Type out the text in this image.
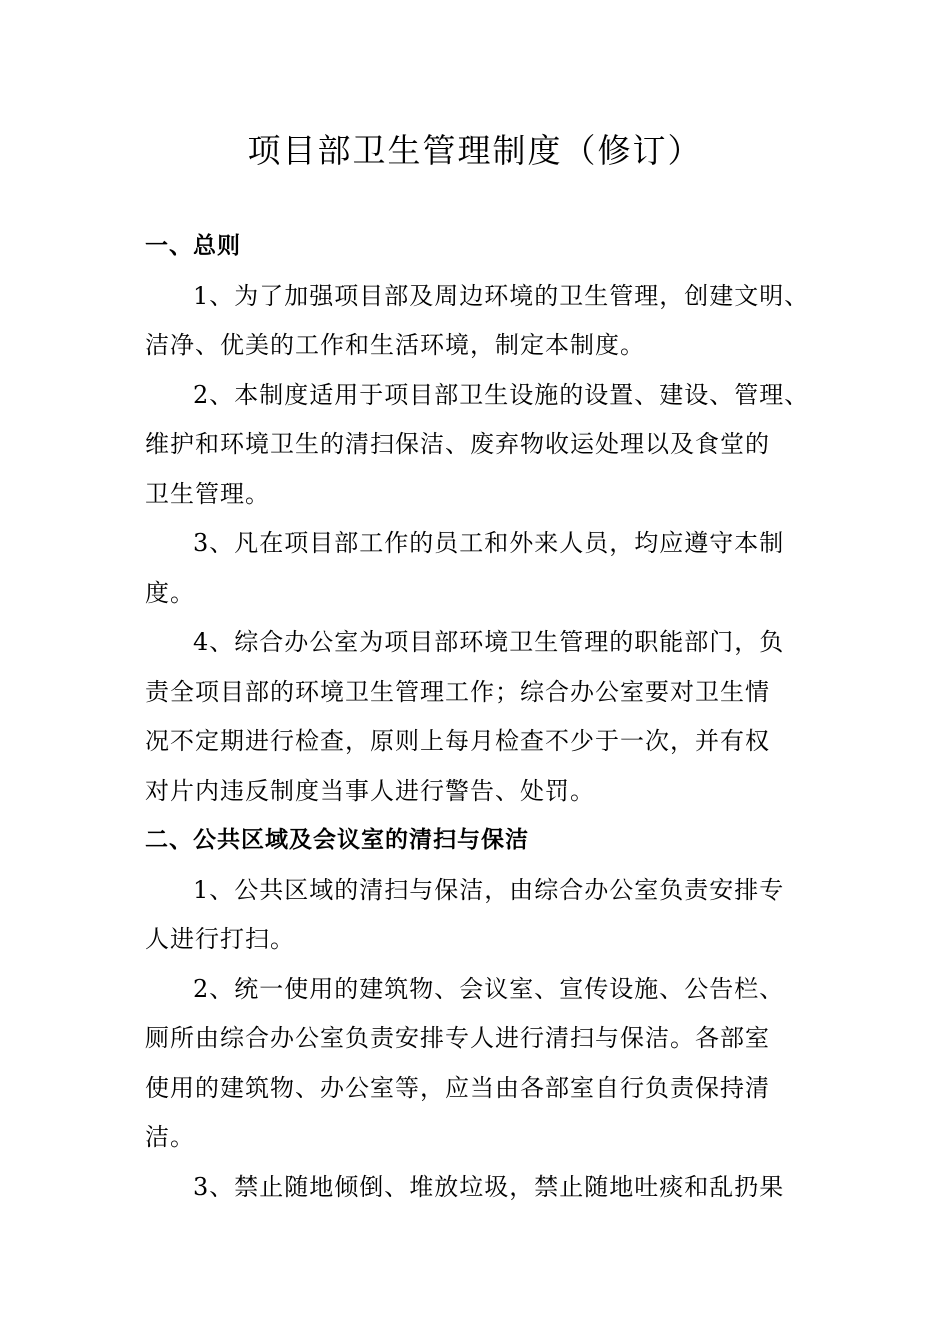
项目部卫生管理制度（修订）
一、总则
1、为了加强项目部及周边环境的卫生管理，创建文明、
洁净、优美的工作和生活环境，制定本制度。
2、本制度适用于项目部卫生设施的设置、建设、管理、
维护和环境卫生的清扫保洁、废弃物收运处理以及食堂的
卫生管理。
3、凡在项目部工作的员工和外来人员，均应遵守本制
度。
4、综合办公室为项目部环境卫生管理的职能部门，负
责全项目部的环境卫生管理工作；综合办公室要对卫生情
况不定期进行检查，原则上每月检查不少于一次，并有权
对片内违反制度当事人进行警告、处罚。
二、公共区域及会议室的清扫与保洁
1、公共区域的清扫与保洁，由综合办公室负责安排专
人进行打扫。
2、统一使用的建筑物、会议室、宣传设施、公告栏、
厕所由综合办公室负责安排专人进行清扫与保洁。各部室
使用的建筑物、办公室等，应当由各部室自行负责保持清
洁。
3、禁止随地倾倒、堆放垃圾，禁止随地吐痰和乱扔果
